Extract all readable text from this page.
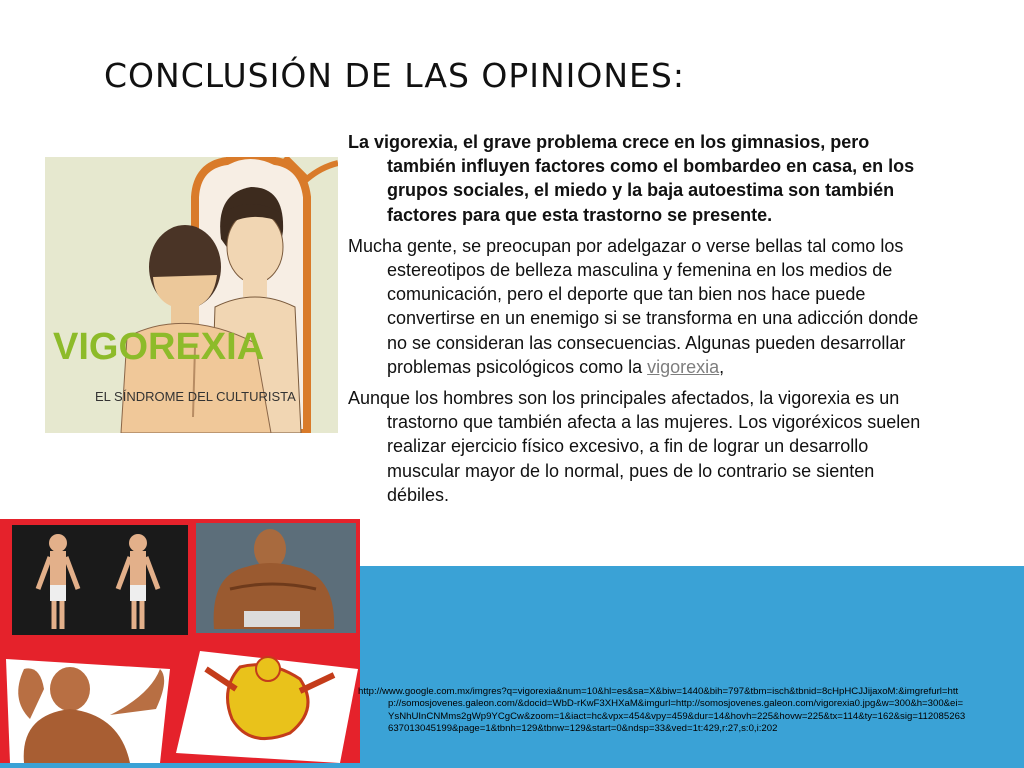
CONCLUSIÓN DE LAS OPINIONES:
VIGOREXIA
EL SÍNDROME DEL CULTURISTA

La vigorexia, el grave problema crece en los gimnasios, pero también influyen factores como el bombardeo en casa, en los grupos sociales, el miedo y la baja autoestima son también factores para que esta trastorno se presente.

Mucha gente, se preocupan por adelgazar o verse bellas tal como los estereotipos de belleza masculina y femenina en los medios de comunicación, pero el deporte que tan bien nos hace puede convertirse en un enemigo si se transforma en una adicción donde no se consideran las consecuencias. Algunas pueden desarrollar problemas psicológicos como la vigorexia,

Aunque los hombres son los principales afectados, la vigorexia es un trastorno que también afecta a las mujeres. Los vigoréxicos suelen realizar ejercicio físico excesivo, a fin de lograr un desarrollo muscular mayor de lo normal, pues de lo contrario se sienten débiles.

http://www.google.com.mx/imgres?q=vigorexia&num=10&hl=es&sa=X&biw=1440&bih=797&tbm=isch&tbnid=8cHpHCJJijaxoM:&imgrefurl=http://somosjovenes.galeon.com/&docid=WbD-rKwF3XHXaM&imgurl=http://somosjovenes.galeon.com/vigorexia0.jpg&w=300&h=300&ei=YsNhUInCNMms2gWp9YCgCw&zoom=1&iact=hc&vpx=454&vpy=459&dur=14&hovh=225&hovw=225&tx=114&ty=162&sig=112085263637013045199&page=1&tbnh=129&tbnw=129&start=0&ndsp=33&ved=1t:429,r:27,s:0,i:202
